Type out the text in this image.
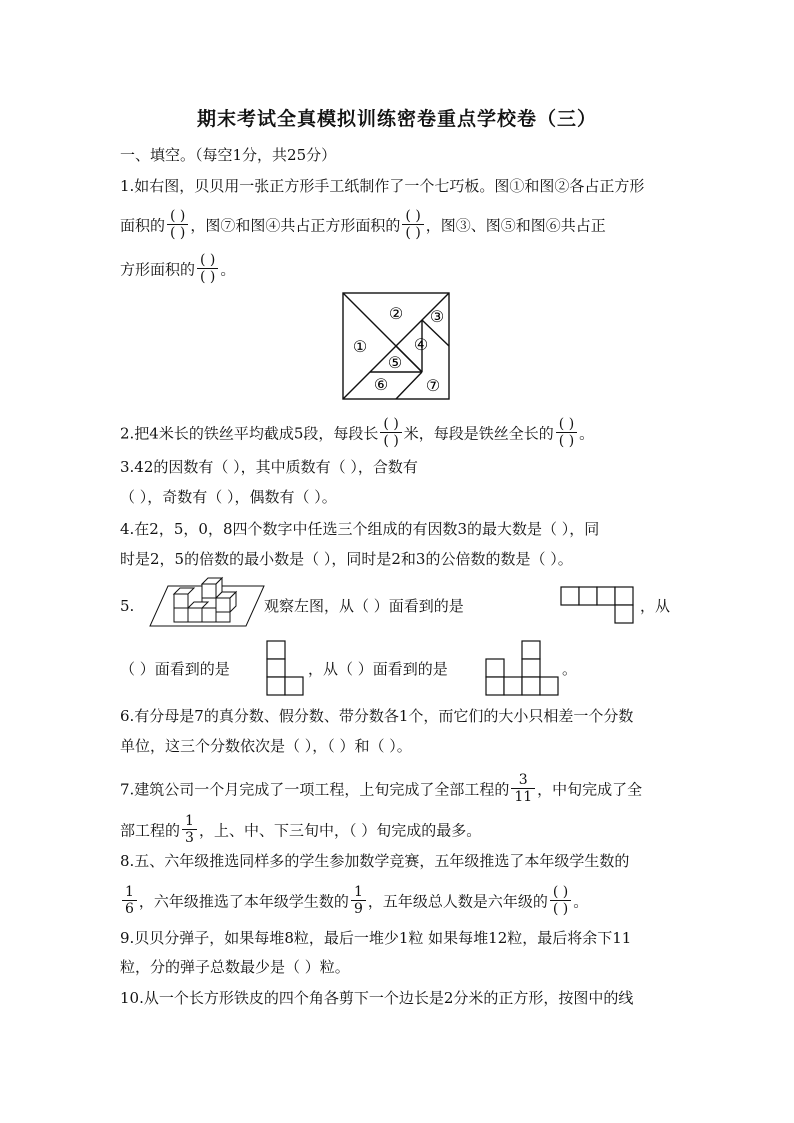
期末考试全真模拟训练密卷重点学校卷（三）
一、填空。（每空1分，共25分）
1.如右图，贝贝用一张正方形手工纸制作了一个七巧板。图①和图②各占正方形
面积的 $\frac{( )}{( )}$ ，图⑦和图④共占正方形面积的 $\frac{( )}{( )}$ ，图③、图⑤和图⑥共占正
方形面积的 $\frac{( )}{( )}$ 。
①
② ③
④
⑤
⑥ ⑦
2.把4米长的铁丝平均截成5段，每段长 $\frac{( )}{( )}$ 米，每段是铁丝全长的 $\frac{( )}{( )}$ 。
3.42的因数有（ ），其中质数有（ ），合数有
（ ），奇数有（ ），偶数有（ ）。
4.在2，5，0，8四个数字中任选三个组成的有因数3的最大数是（ ），同
时是2，5的倍数的最小数是（ ），同时是2和3的公倍数的数是（ ）。
5.	观察左图，从（ ）面看到的是	，从
（ ）面看到的是	，从（ ）面看到的是	。
6.有分母是7的真分数、假分数、带分数各1个，而它们的大小只相差一个分数
单位，这三个分数依次是（ ），（ ）和（ ）。
7.建筑公司一个月完成了一项工程，上旬完成了全部工程的 $\frac{3}{11}$ ，中旬完成了全
部工程的 $\frac{1}{3}$ ，上、中、下三旬中，（ ）旬完成的最多。
8.五、六年级推选同样多的学生参加数学竞赛，五年级推选了本年级学生数的
$\frac{1}{6}$ ，六年级推选了本年级学生数的 $\frac{1}{9}$ ，五年级总人数是六年级的 $\frac{( )}{( )}$ 。
9.贝贝分弹子，如果每堆8粒，最后一堆少1粒 如果每堆12粒，最后将余下11
粒，分的弹子总数最少是（ ）粒。
10.从一个长方形铁皮的四个角各剪下一个边长是2分米的正方形，按图中的线
